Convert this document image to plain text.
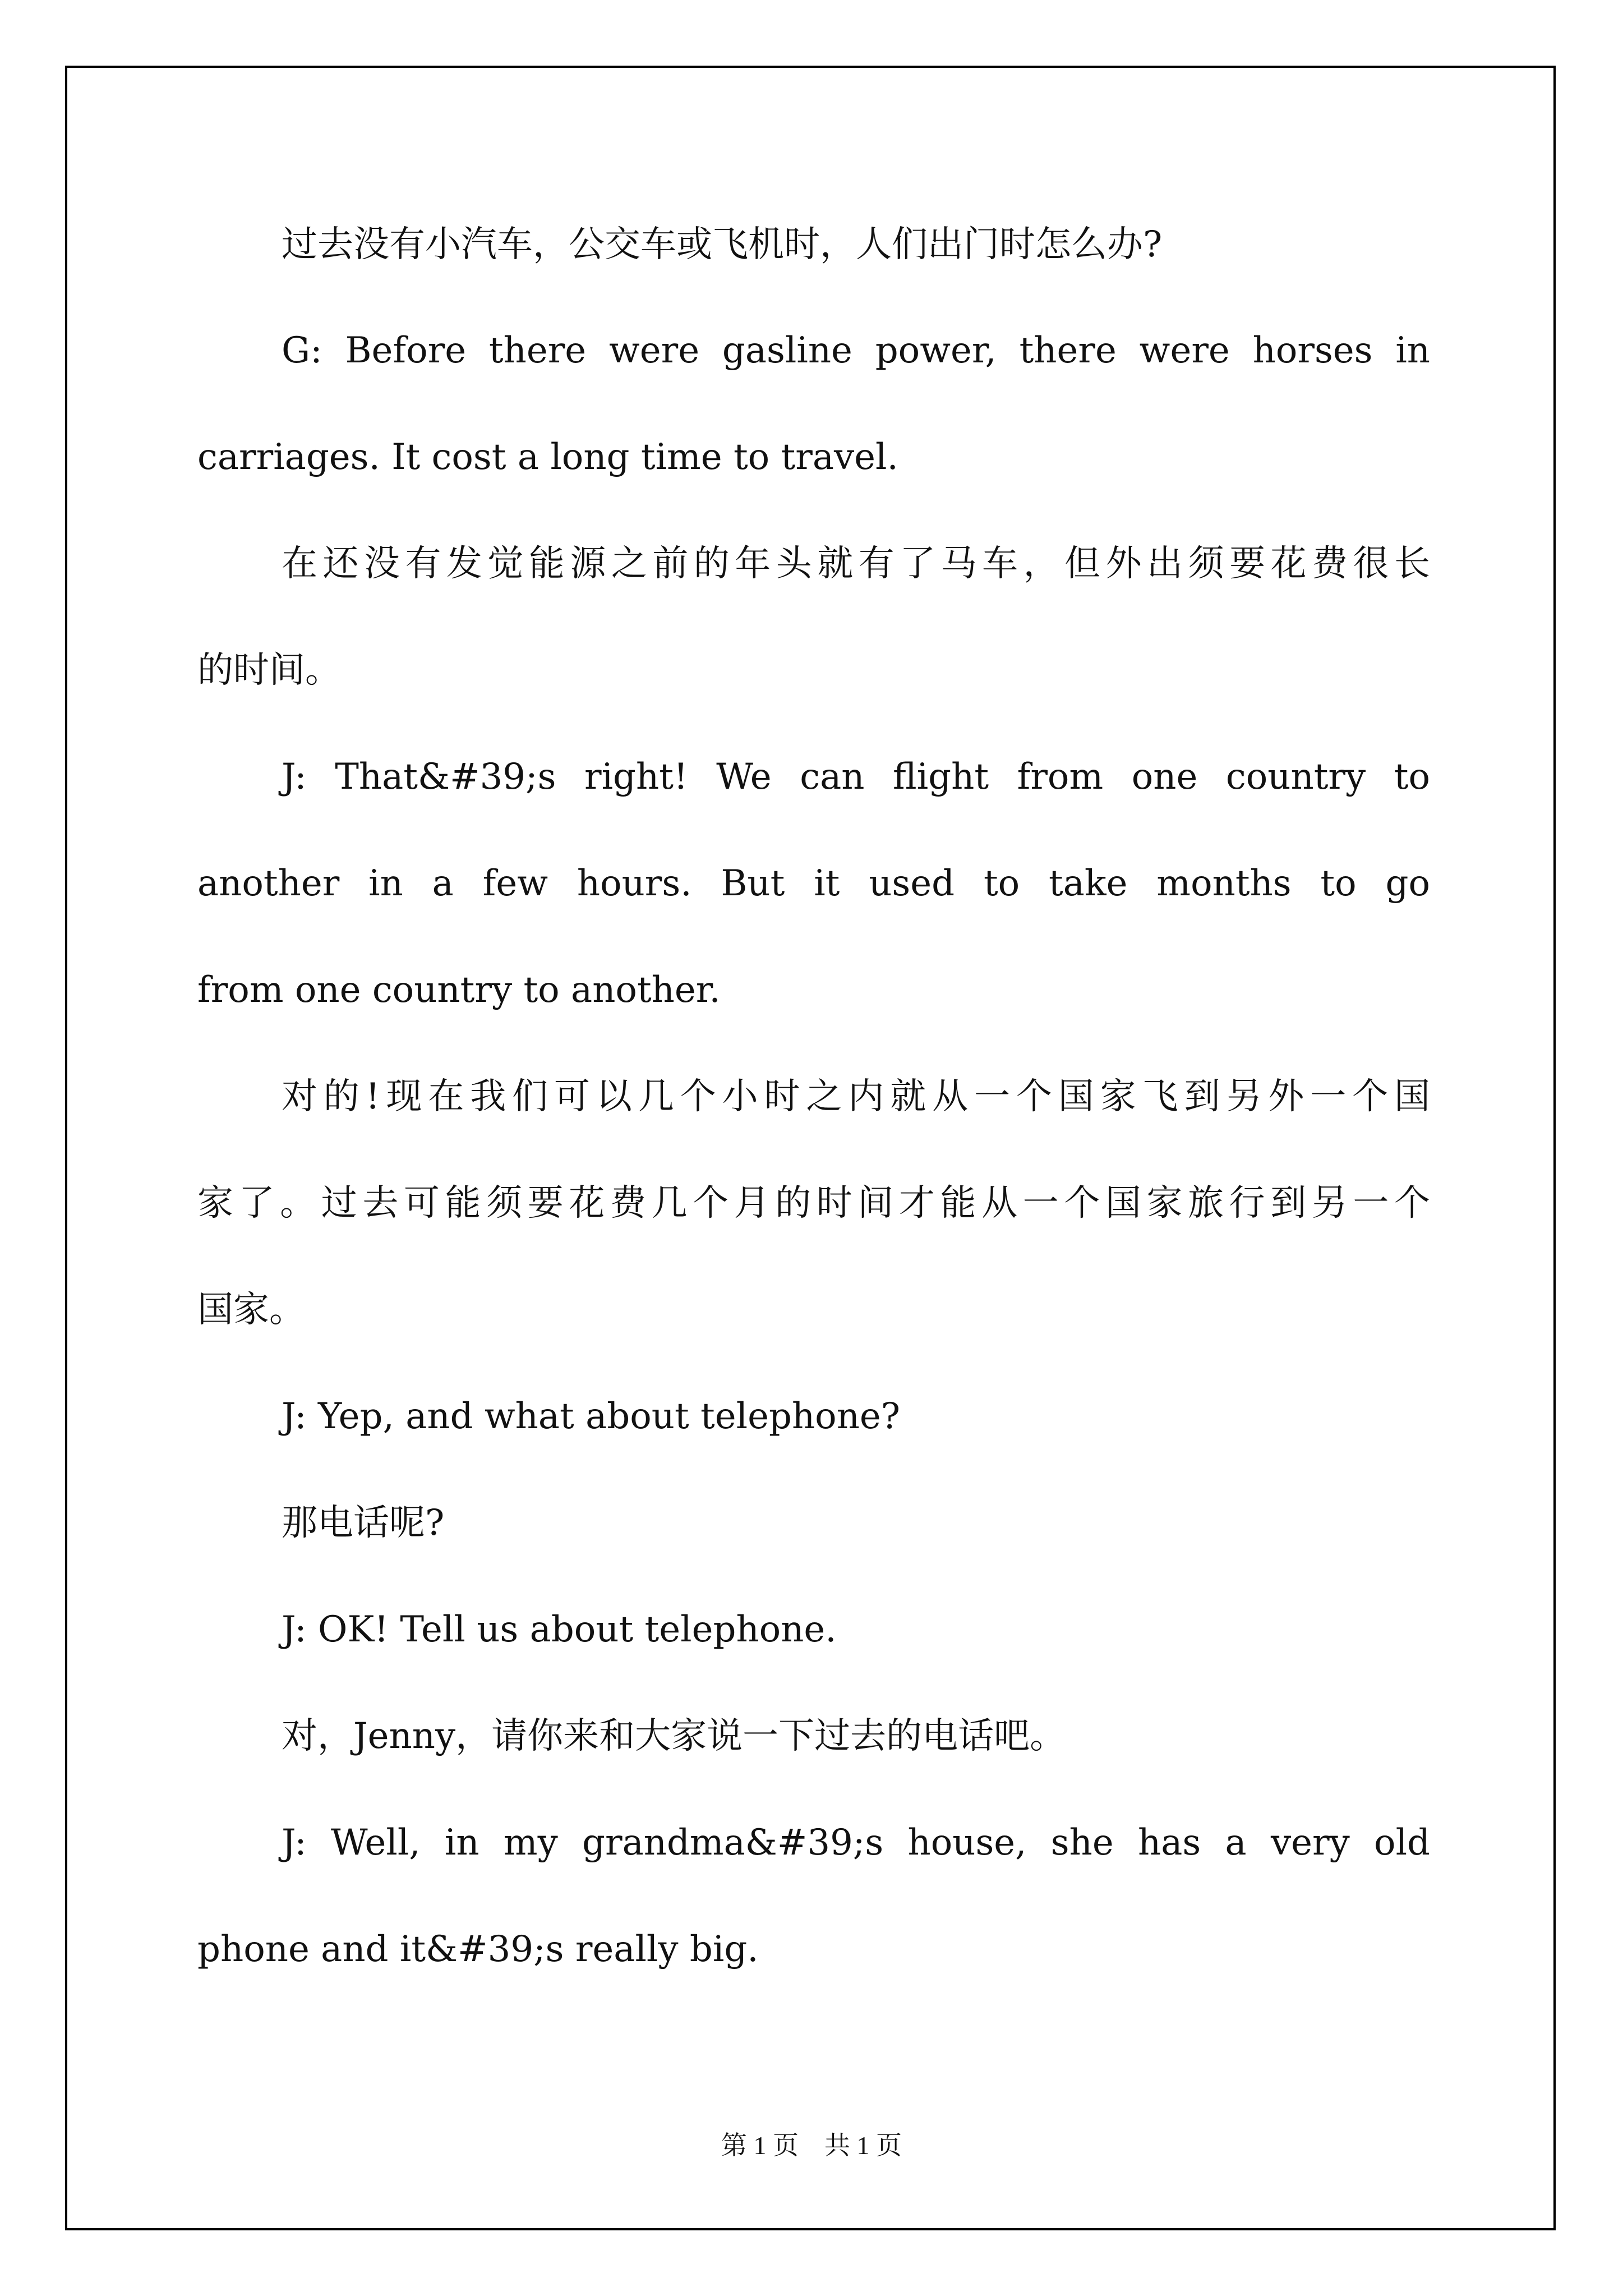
过去没有小汽车，公交车或飞机时，人们出门时怎么办?

G: Before there were gasline power, there were horses in

carriages. It cost a long time to travel.

在还没有发觉能源之前的年头就有了马车，但外出须要花费很长

的时间。

J: That&#39;s right! We can flight from one country to

another in a few hours. But it used to take months to go

from one country to another.

对的!现在我们可以几个小时之内就从一个国家飞到另外一个国

家了。过去可能须要花费几个月的时间才能从一个国家旅行到另一个

国家。

J: Yep, and what about telephone?

那电话呢?

J: OK! Tell us about telephone.

对，Jenny，请你来和大家说一下过去的电话吧。

J: Well, in my grandma&#39;s house, she has a very old

phone and it&#39;s really big.

第 1 页    共 1 页
